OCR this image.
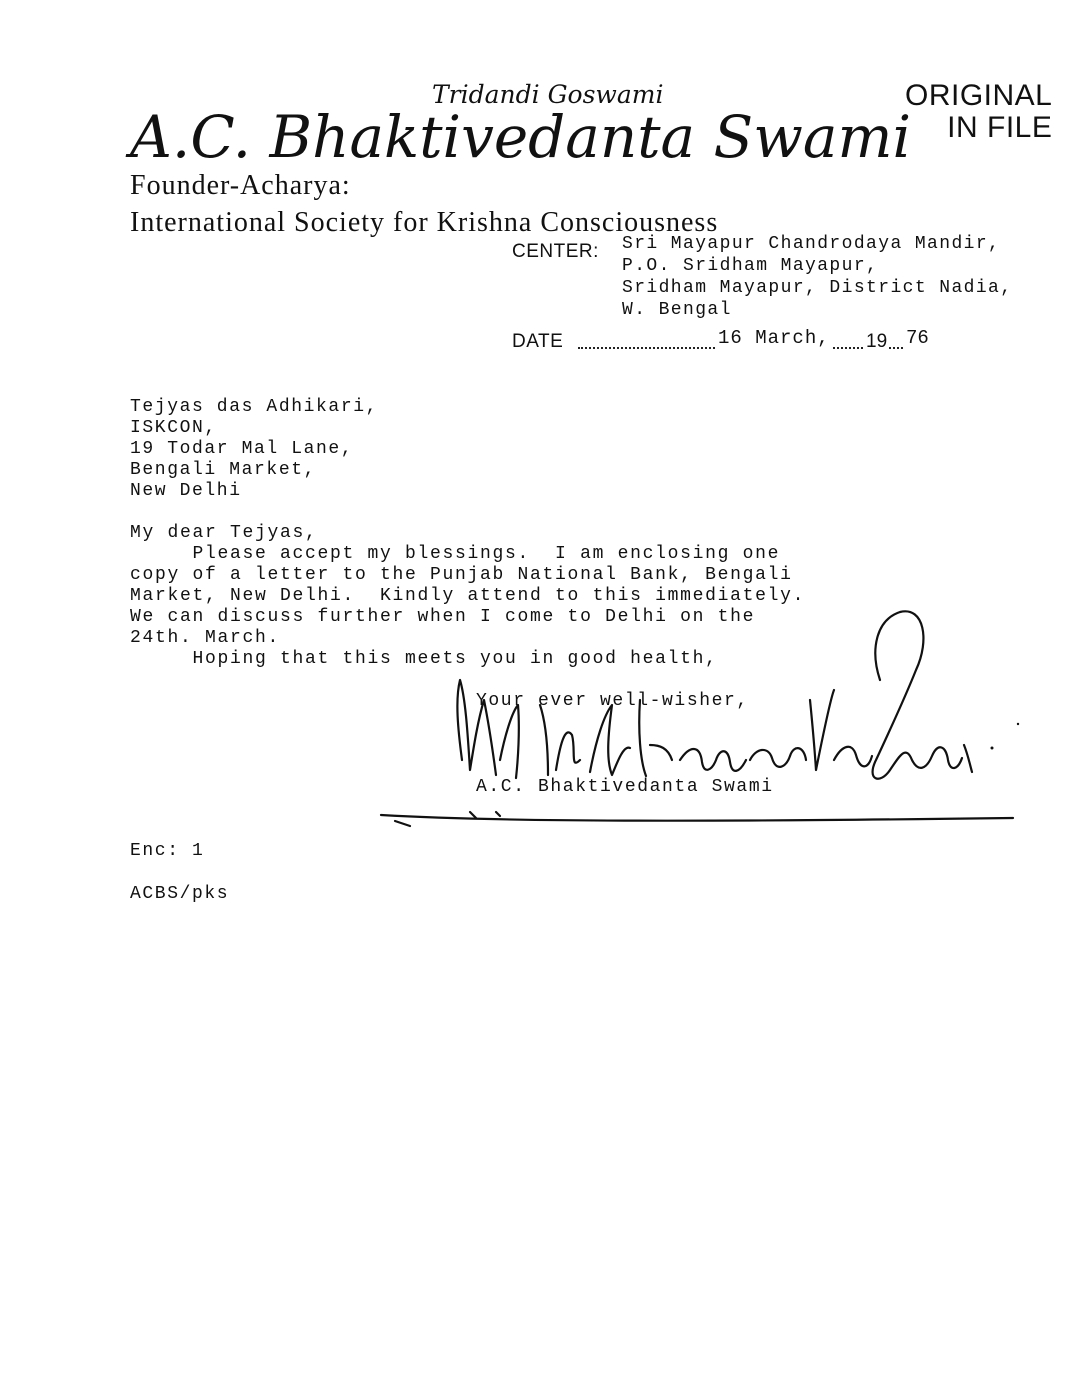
Tridandi Goswami
A.C. Bhaktivedanta Swami
ORIGINAL
IN FILE
Founder-Acharya:
International Society for Krishna Consciousness
CENTER: Sri Mayapur Chandrodaya Mandir,
P.O. Sridham Mayapur,
Sridham Mayapur, District Nadia,
W. Bengal
DATE	16 March, 19 76
Tejyas das Adhikari,
ISKCON,
19 Todar Mal Lane,
Bengali Market,
New Delhi
My dear Tejyas,
Please accept my blessings.  I am enclosing one
copy of a letter to the Punjab National Bank, Bengali
Market, New Delhi.  Kindly attend to this immediately.
We can discuss further when I come to Delhi on the
24th. March.
Hoping that this meets you in good health,
Your ever well-wisher,
A.C. Bhaktivedanta Swami
Enc: 1
ACBS/pks
